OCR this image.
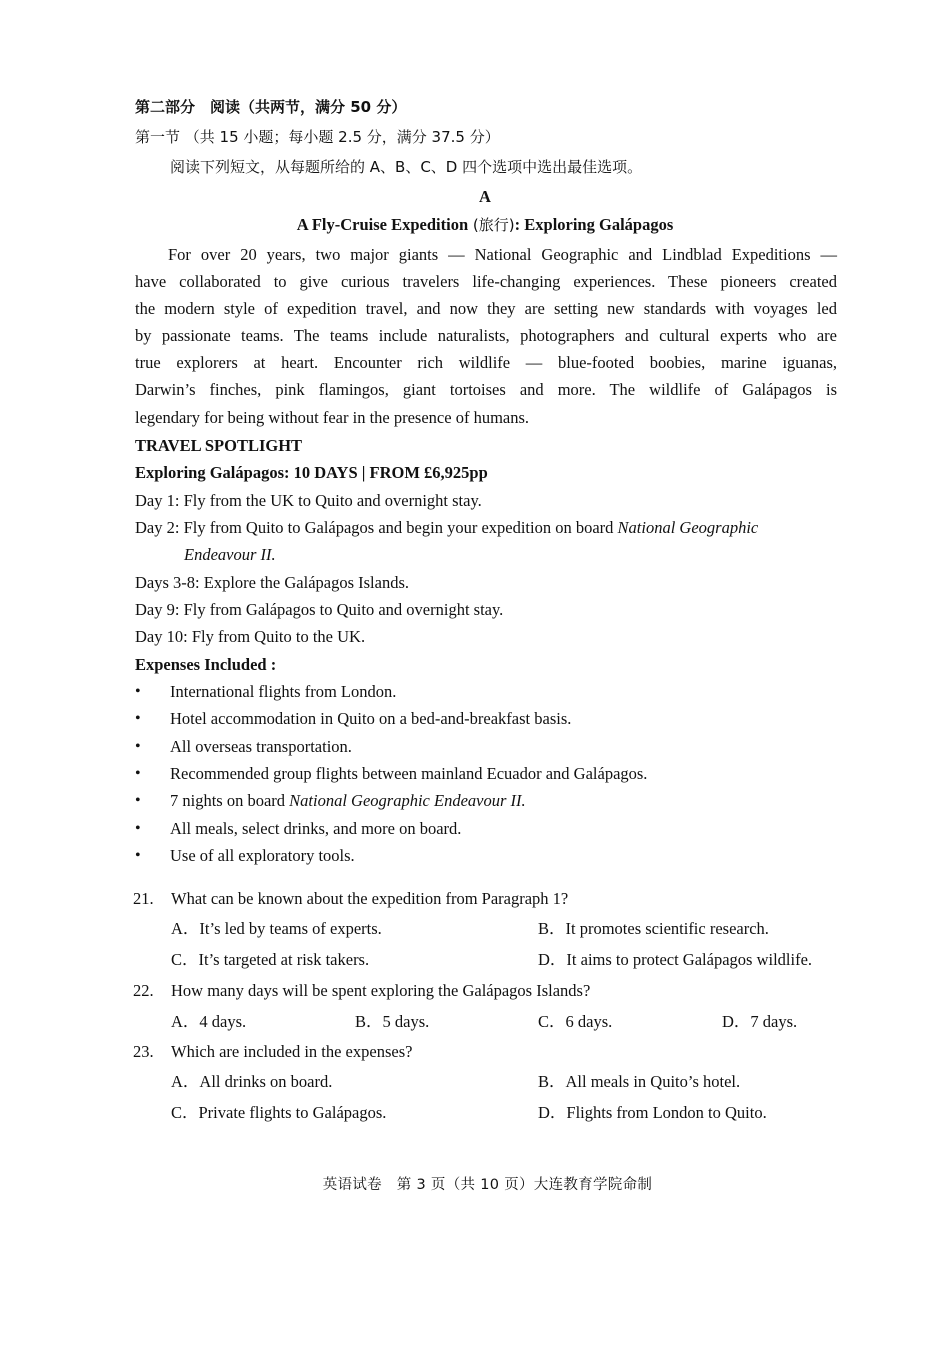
第二部分　阅读（共两节，满分 50 分）
第一节 （共 15 小题；每小题 2.5 分，满分 37.5 分）
阅读下列短文，从每题所给的 A、B、C、D 四个选项中选出最佳选项。
A
A Fly-Cruise Expedition (旅行): Exploring Galápagos
For over 20 years, two major giants — National Geographic and Lindblad Expeditions —
have collaborated to give curious travelers life-changing experiences. These pioneers created
the modern style of expedition travel, and now they are setting new standards with voyages led
by passionate teams. The teams include naturalists, photographers and cultural experts who are
true explorers at heart. Encounter rich wildlife — blue-footed boobies, marine iguanas,
Darwin’s finches, pink flamingos, giant tortoises and more. The wildlife of Galápagos is
legendary for being without fear in the presence of humans.
TRAVEL SPOTLIGHT
Exploring Galápagos: 10 DAYS | FROM £6,925pp
Day 1: Fly from the UK to Quito and overnight stay.
Day 2: Fly from Quito to Galápagos and begin your expedition on board National Geographic
Endeavour II.
Days 3-8: Explore the Galápagos Islands.
Day 9: Fly from Galápagos to Quito and overnight stay.
Day 10: Fly from Quito to the UK.
Expenses Included :
• International flights from London.
• Hotel accommodation in Quito on a bed-and-breakfast basis.
• All overseas transportation.
• Recommended group flights between mainland Ecuador and Galápagos.
• 7 nights on board National Geographic Endeavour II.
• All meals, select drinks, and more on board.
• Use of all exploratory tools.
21. What can be known about the expedition from Paragraph 1?
A．It’s led by teams of experts.	B．It promotes scientific research.
C．It’s targeted at risk takers.	D．It aims to protect Galápagos wildlife.
22. How many days will be spent exploring the Galápagos Islands?
A．4 days.	B．5 days.	C．6 days.	D．7 days.
23. Which are included in the expenses?
A．All drinks on board.	B．All meals in Quito’s hotel.
C．Private flights to Galápagos.	D．Flights from London to Quito.
英语试卷　第 3 页（共 10 页）大连教育学院命制
